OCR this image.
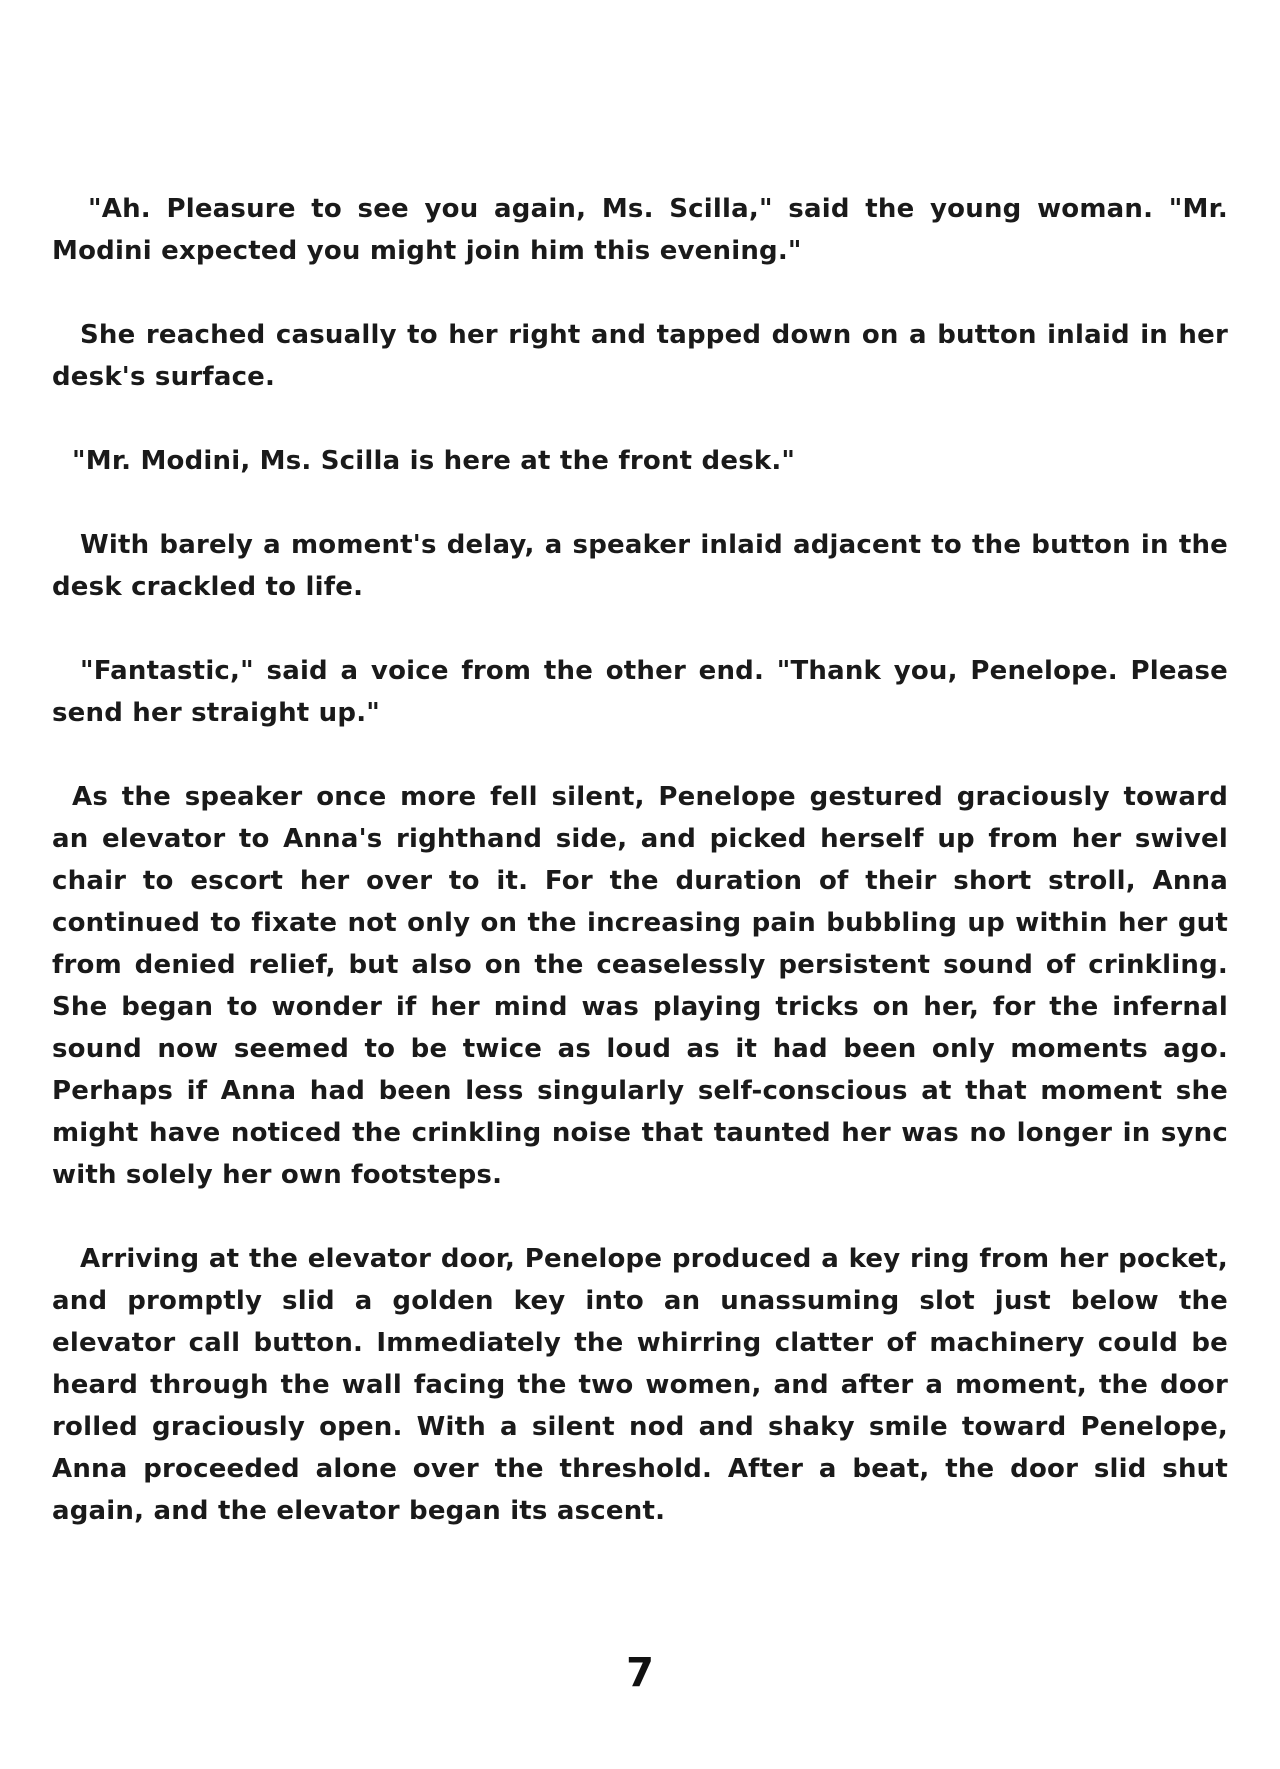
"Ah. Pleasure to see you again, Ms. Scilla," said the young woman. "Mr. Modini expected you might join him this evening."

She reached casually to her right and tapped down on a button inlaid in her desk's surface.

"Mr. Modini, Ms. Scilla is here at the front desk."

With barely a moment's delay, a speaker inlaid adjacent to the button in the desk crackled to life.

"Fantastic," said a voice from the other end. "Thank you, Penelope. Please send her straight up."

As the speaker once more fell silent, Penelope gestured graciously toward an elevator to Anna's righthand side, and picked herself up from her swivel chair to escort her over to it. For the duration of their short stroll, Anna continued to fixate not only on the increasing pain bubbling up within her gut from denied relief, but also on the ceaselessly persistent sound of crinkling. She began to wonder if her mind was playing tricks on her, for the infernal sound now seemed to be twice as loud as it had been only moments ago. Perhaps if Anna had been less singularly self-conscious at that moment she might have noticed the crinkling noise that taunted her was no longer in sync with solely her own footsteps.

Arriving at the elevator door, Penelope produced a key ring from her pocket, and promptly slid a golden key into an unassuming slot just below the elevator call button. Immediately the whirring clatter of machinery could be heard through the wall facing the two women, and after a moment, the door rolled graciously open. With a silent nod and shaky smile toward Penelope, Anna proceeded alone over the threshold. After a beat, the door slid shut again, and the elevator began its ascent.

7
